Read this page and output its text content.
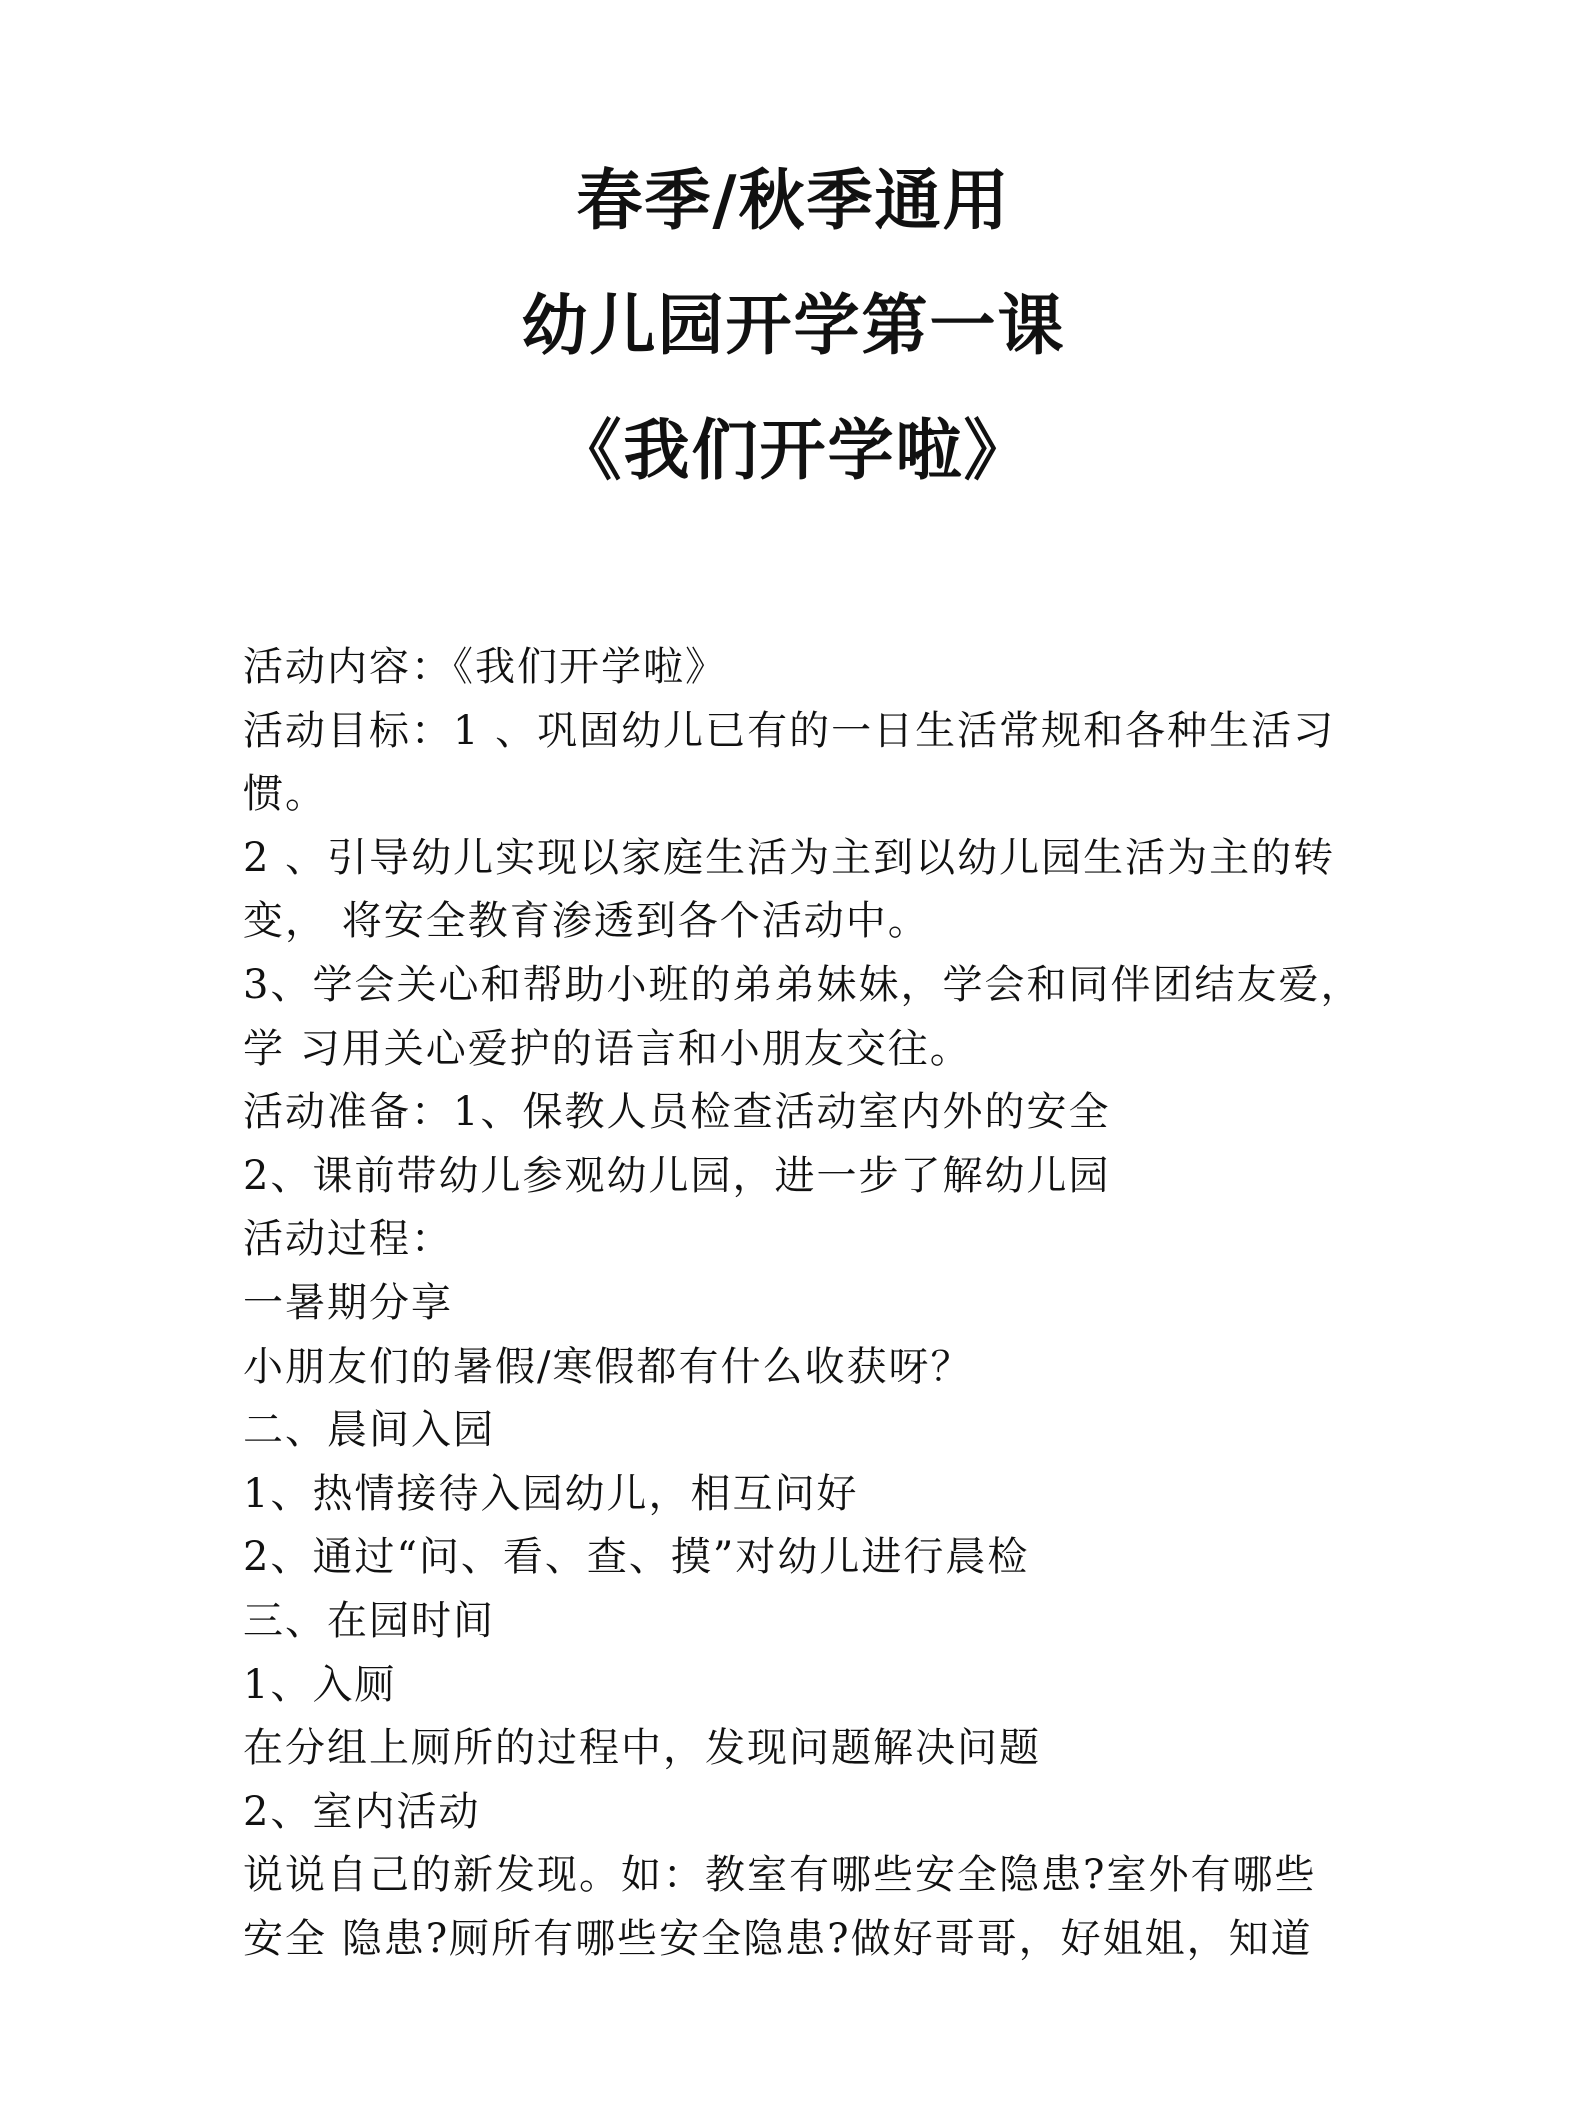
春季/秋季通用
幼儿园开学第一课
《我们开学啦》
活动内容：《我们开学啦》
活动目标：1 、巩固幼儿已有的一日生活常规和各种生活习
惯。
2 、引导幼儿实现以家庭生活为主到以幼儿园生活为主的转
变， 将安全教育渗透到各个活动中。
3、学会关心和帮助小班的弟弟妹妹，学会和同伴团结友爱，
学 习用关心爱护的语言和小朋友交往。
活动准备：1、保教人员检查活动室内外的安全
2、课前带幼儿参观幼儿园，进一步了解幼儿园
活动过程：
一暑期分享
小朋友们的暑假/寒假都有什么收获呀？
二、晨间入园
1、热情接待入园幼儿，相互问好
2、通过“问、看、查、摸”对幼儿进行晨检
三、在园时间
1、入厕
在分组上厕所的过程中，发现问题解决问题
2、室内活动
说说自己的新发现。如：教室有哪些安全隐患?室外有哪些
安全 隐患?厕所有哪些安全隐患?做好哥哥，好姐姐，知道
